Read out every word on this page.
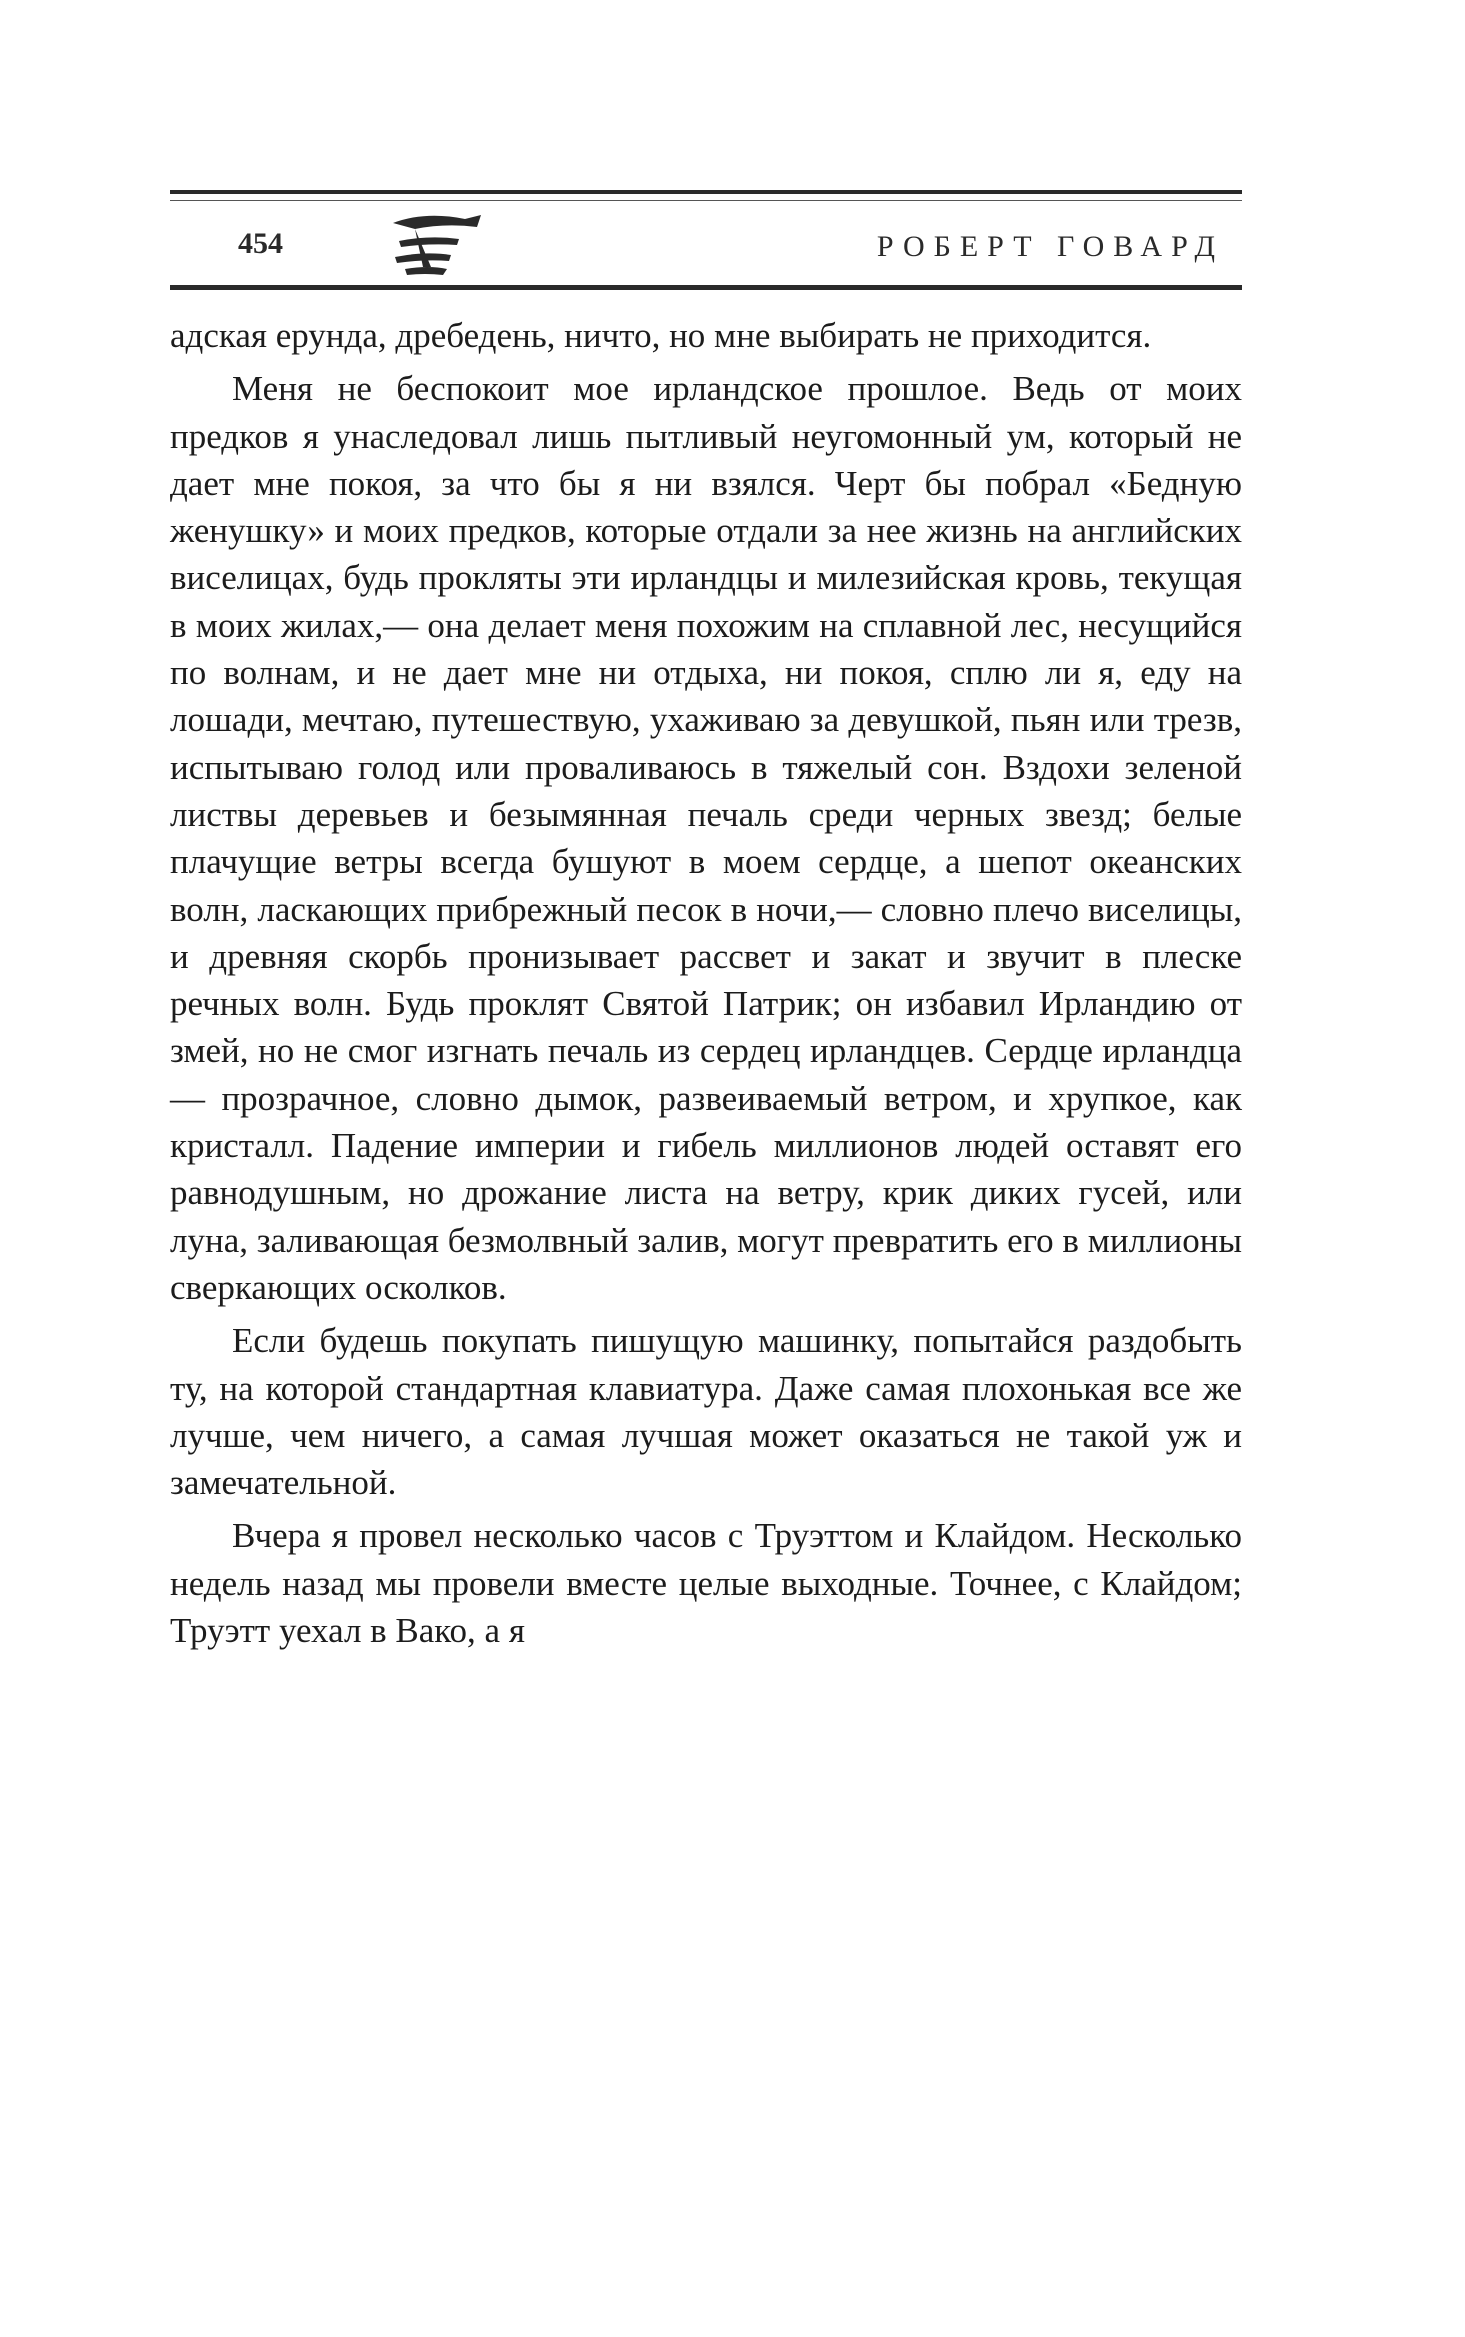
454	РОБЕРТ ГОВАРД

адская ерунда, дребедень, ничто, но мне выбирать не приходится.

Меня не беспокоит мое ирландское прошлое. Ведь от моих предков я унаследовал лишь пытливый неугомонный ум, который не дает мне покоя, за что бы я ни взялся. Черт бы побрал «Бедную женушку» и моих предков, которые отдали за нее жизнь на английских виселицах, будь прокляты эти ирландцы и милезийская кровь, текущая в моих жилах,— она делает меня похожим на сплавной лес, несущийся по волнам, и не дает мне ни отдыха, ни покоя, сплю ли я, еду на лошади, мечтаю, путешествую, ухаживаю за девушкой, пьян или трезв, испытываю голод или проваливаюсь в тяжелый сон. Вздохи зеленой листвы деревьев и безымянная печаль среди черных звезд; белые плачущие ветры всегда бушуют в моем сердце, а шепот океанских волн, ласкающих прибрежный песок в ночи,— словно плечо виселицы, и древняя скорбь пронизывает рассвет и закат и звучит в плеске речных волн. Будь проклят Святой Патрик; он избавил Ирландию от змей, но не смог изгнать печаль из сердец ирландцев. Сердце ирландца — прозрачное, словно дымок, развеиваемый ветром, и хрупкое, как кристалл. Падение империи и гибель миллионов людей оставят его равнодушным, но дрожание листа на ветру, крик диких гусей, или луна, заливающая безмолвный залив, могут превратить его в миллионы сверкающих осколков.

Если будешь покупать пишущую машинку, попытайся раздобыть ту, на которой стандартная клавиатура. Даже самая плохонькая все же лучше, чем ничего, а самая лучшая может оказаться не такой уж и замечательной.

Вчера я провел несколько часов с Труэттом и Клайдом. Несколько недель назад мы провели вместе целые выходные. Точнее, с Клайдом; Труэтт уехал в Вако, а я
